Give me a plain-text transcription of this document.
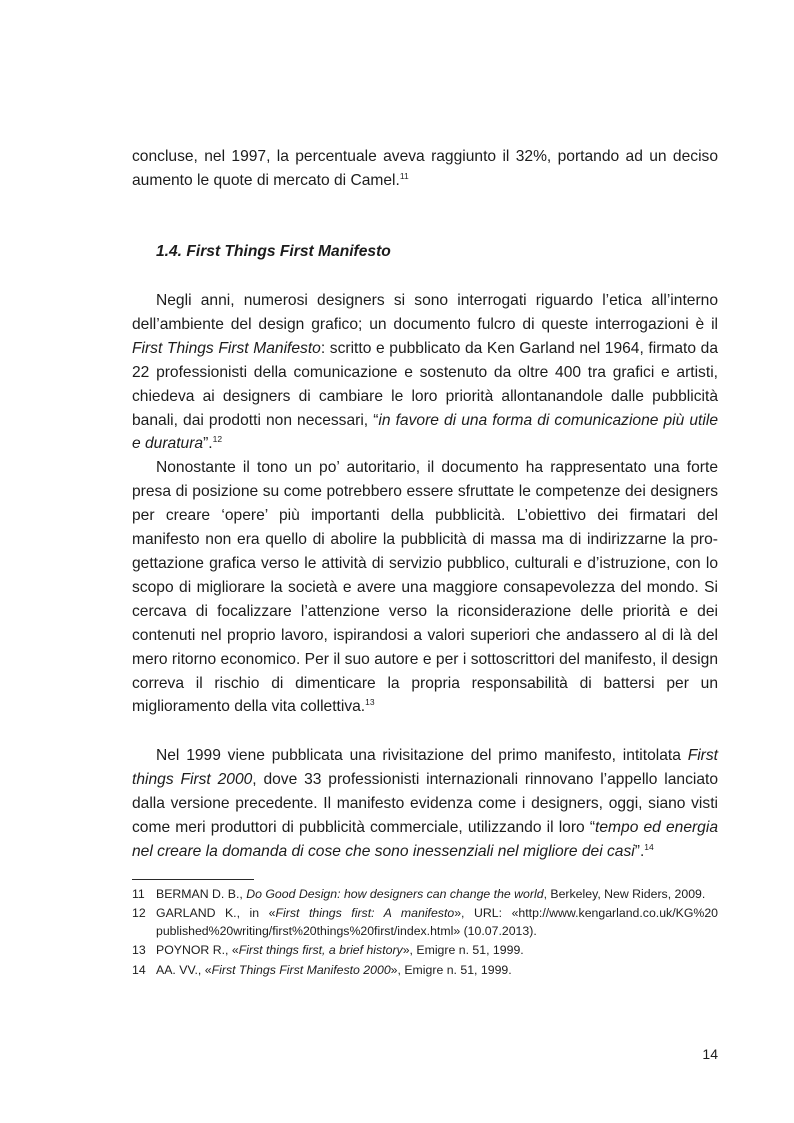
concluse, nel 1997, la percentuale aveva raggiunto il 32%, portando ad un deciso aumento le quote di mercato di Camel.$^{11}$

1.4. First Things First Manifesto

Negli anni, numerosi designers si sono interrogati riguardo l’etica all’interno dell’ambiente del design grafico; un documento fulcro di queste interrogazioni è il First Things First Manifesto: scritto e pubblicato da Ken Garland nel 1964, firmato da 22 professionisti della comunicazione e sostenuto da oltre 400 tra grafici e artisti, chiedeva ai designers di cambiare le loro priorità allontanandole dalle pubblicità banali, dai prodotti non necessari, “in favore di una forma di comunicazione più utile e duratura”.$^{12}$

Nonostante il tono un po’ autoritario, il documento ha rappresentato una forte presa di posizione su come potrebbero essere sfruttate le competenze dei designers per creare ‘opere’ più importanti della pubblicità. L’obiettivo dei firmatari del manifesto non era quello di abolire la pubblicità di massa ma di indirizzarne la progettazione grafica verso le attività di servizio pubblico, culturali e d’istruzione, con lo scopo di migliorare la società e avere una maggiore consapevolezza del mondo. Si cercava di focalizzare l’attenzione verso la riconsiderazione delle priorità e dei contenuti nel proprio lavoro, ispirandosi a valori superiori che andassero al di là del mero ritorno economico. Per il suo autore e per i sottoscrittori del manifesto, il design correva il rischio di dimenticare la propria responsabilità di battersi per un miglioramento della vita collettiva.$^{13}$

Nel 1999 viene pubblicata una rivisitazione del primo manifesto, intitolata First things First 2000, dove 33 professionisti internazionali rinnovano l’appello lanciato dalla versione precedente. Il manifesto evidenza come i designers, oggi, siano visti come meri produttori di pubblicità commerciale, utilizzando il loro “tempo ed energia nel creare la domanda di cose che sono inessenziali nel migliore dei casi”.$^{14}$

11 BERMAN D. B., Do Good Design: how designers can change the world, Berkeley, New Riders, 2009.
12 GARLAND K., in «First things first: A manifesto», URL: «http://www.kengarland.co.uk/KG%20 published%20writing/first%20things%20first/index.html» (10.07.2013).
13 POYNOR R., «First things first, a brief history», Emigre n. 51, 1999.
14 AA. VV., «First Things First Manifesto 2000», Emigre n. 51, 1999.
14
